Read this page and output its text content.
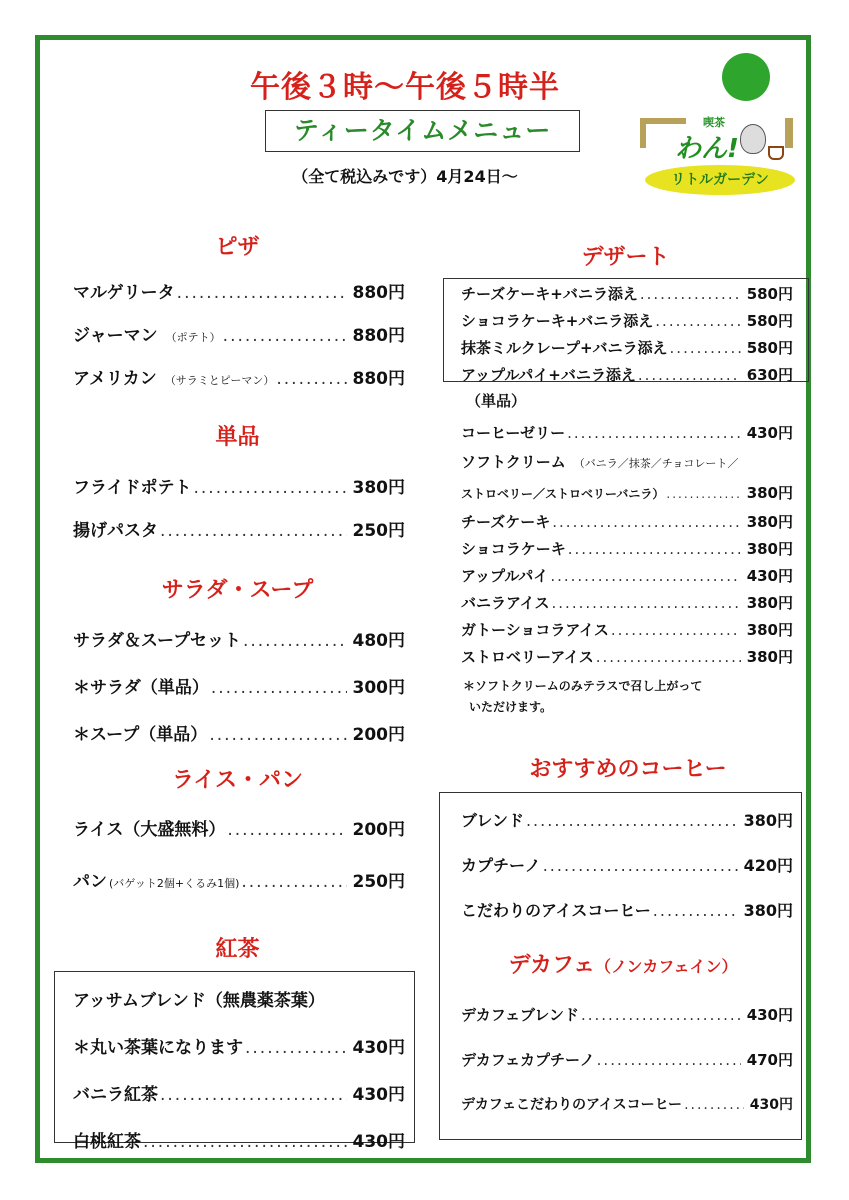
午後３時～午後５時半
ティータイムメニュー
（全て税込みです）4月24日～
喫茶
わん!
リトルガーデン
ピザ
マルゲリータ .....	880円
ジャーマン （ポテト） .....	880円
アメリカン （サラミとピーマン） .....	880円
単品
フライドポテト .....	380円
揚げパスタ .....	250円
サラダ・スープ
サラダ＆スープセット .....	480円
＊サラダ（単品） .....	300円
＊スープ（単品） .....	200円
ライス・パン
ライス（大盛無料） .....	200円
パン (バゲット2個+くるみ1個) .....	250円
紅茶
アッサムブレンド（無農薬茶葉）
＊丸い茶葉になります .....	430円
バニラ紅茶 .....	430円
白桃紅茶 .....	430円
デザート
チーズケーキ+バニラ添え .....	580円
ショコラケーキ+バニラ添え .....	580円
抹茶ミルクレープ+バニラ添え .....	580円
アップルパイ+バニラ添え .....	630円
（単品）
コーヒーゼリー .....	430円
ソフトクリーム （バニラ／抹茶／チョコレート／
ストロベリー／ストロベリーバニラ） .....	380円
チーズケーキ .....	380円
ショコラケーキ .....	380円
アップルパイ .....	430円
バニラアイス .....	380円
ガトーショコラアイス .....	380円
ストロベリーアイス .....	380円
＊ソフトクリームのみテラスで召し上がって
いただけます。
おすすめのコーヒー
ブレンド .....	380円
カプチーノ .....	420円
こだわりのアイスコーヒー .....	380円
デカフェ（ノンカフェイン）
デカフェブレンド .....	430円
デカフェカプチーノ .....	470円
デカフェこだわりのアイスコーヒー .....	430円
